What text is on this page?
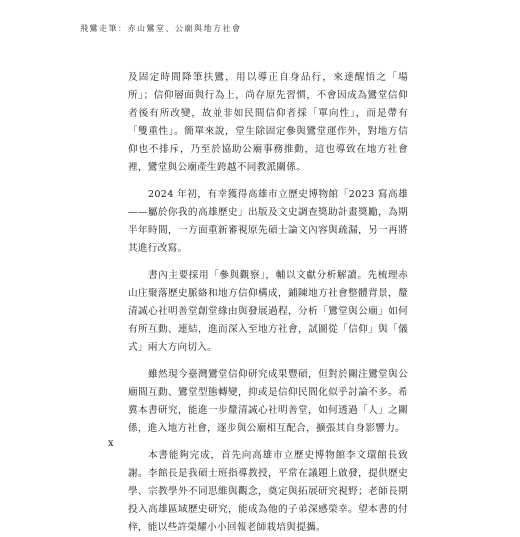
飛鸞走筆：赤山鸞堂、公廟與地方社會

及固定時間降筆扶鸞，用以導正自身品行，來達醒悟之「場所」；信仰層面與行為上，尚存原先習慣，不會因成為鸞堂信仰者後有所改變，故並非如民間信仰者採「單向性」，而是帶有「雙重性」。簡單來說，堂生除固定參與鸞堂運作外，對地方信仰也不排斥，乃至於協助公廟事務推動，這也導致在地方社會裡，鸞堂與公廟產生跨越不同教派關係。

2024 年初，有幸獲得高雄市立歷史博物館「2023 寫高雄——屬於你我的高雄歷史」出版及文史調查獎助計畫獎勵，為期半年時間，一方面重新審視原先碩士論文內容與疏漏，另一再將其進行改寫。

書內主要採用「參與觀察」，輔以文獻分析解讀。先梳理赤山庄聚落歷史脈絡和地方信仰構成，鋪陳地方社會整體背景，釐清誠心社明善堂創堂緣由與發展過程，分析「鸞堂與公廟」如何有所互動、連結，進而深入至地方社會，試圖從「信仰」與「儀式」兩大方向切入。

雖然現今臺灣鸞堂信仰研究成果豐碩，但對於關注鸞堂與公廟間互動、鸞堂型態轉變，抑或是信仰民間化似乎討論不多。希冀本書研究，能進一步釐清誠心社明善堂，如何透過「人」之關係，進入地方社會，逐步與公廟相互配合，擴張其自身影響力。

本書能夠完成，首先向高雄市立歷史博物館李文環館長致謝。李館長是我碩士班指導教授，平常在議題上啟發，提供歷史學、宗教學外不同思維與觀念，奠定與拓展研究視野；老師長期投入高雄區域歷史研究，能成為他的子弟深感榮幸。望本書的付梓，能以些許榮耀小小回報老師栽培與提攜。

x
